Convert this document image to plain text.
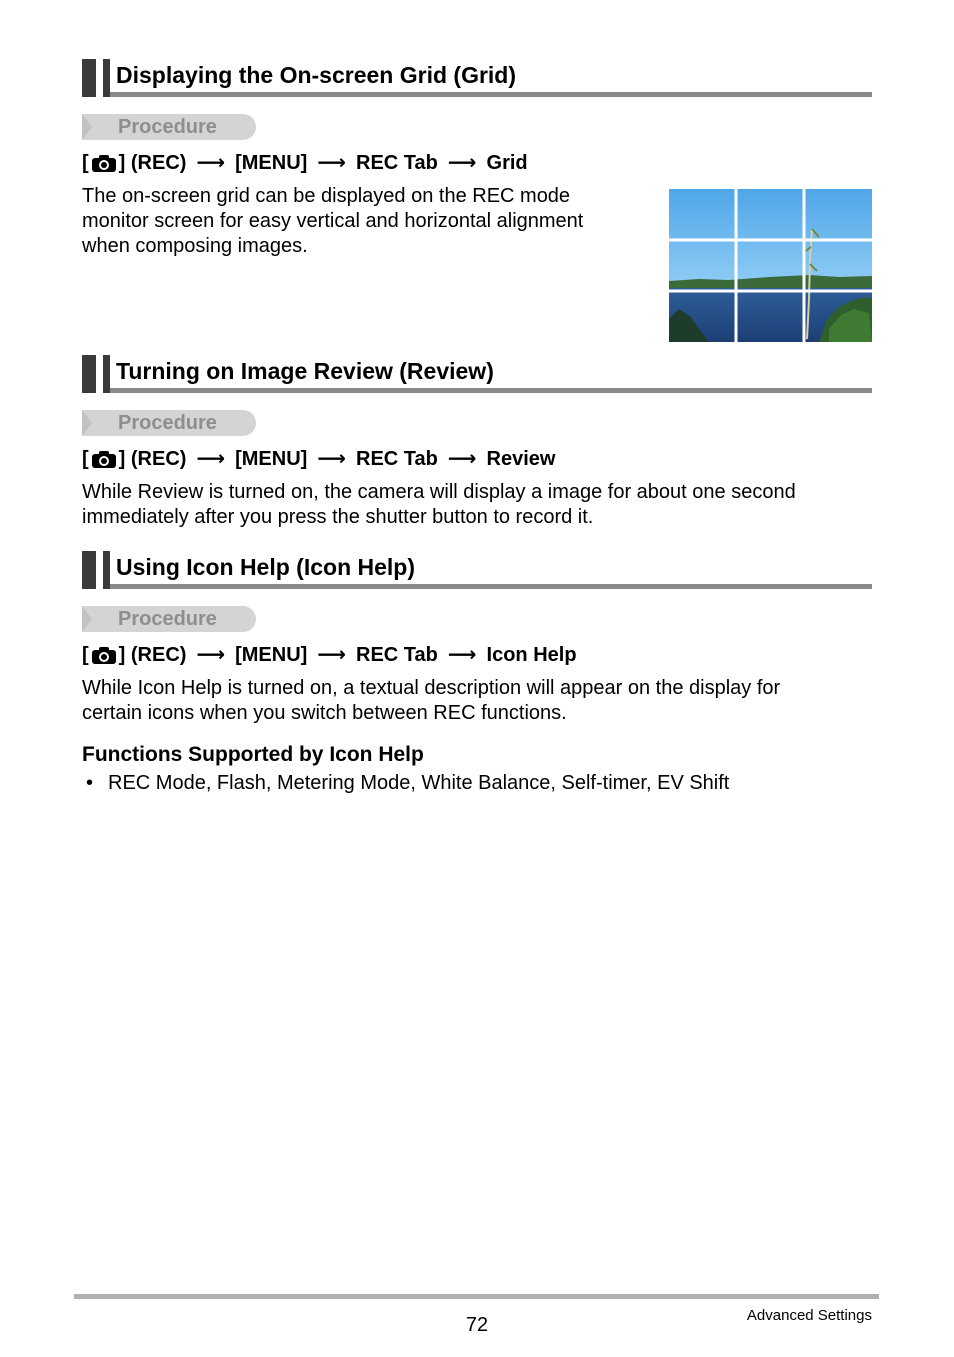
Displaying the On-screen Grid (Grid)
Procedure
[ ] (REC) ⟶ [MENU] ⟶ REC Tab ⟶ Grid
The on-screen grid can be displayed on the REC mode monitor screen for easy vertical and horizontal alignment when composing images.
Turning on Image Review (Review)
Procedure
[ ] (REC) ⟶ [MENU] ⟶ REC Tab ⟶ Review
While Review is turned on, the camera will display a image for about one second immediately after you press the shutter button to record it.
Using Icon Help (Icon Help)
Procedure
[ ] (REC) ⟶ [MENU] ⟶ REC Tab ⟶ Icon Help
While Icon Help is turned on, a textual description will appear on the display for certain icons when you switch between REC functions.
Functions Supported by Icon Help
• REC Mode, Flash, Metering Mode, White Balance, Self-timer, EV Shift
72	Advanced Settings
